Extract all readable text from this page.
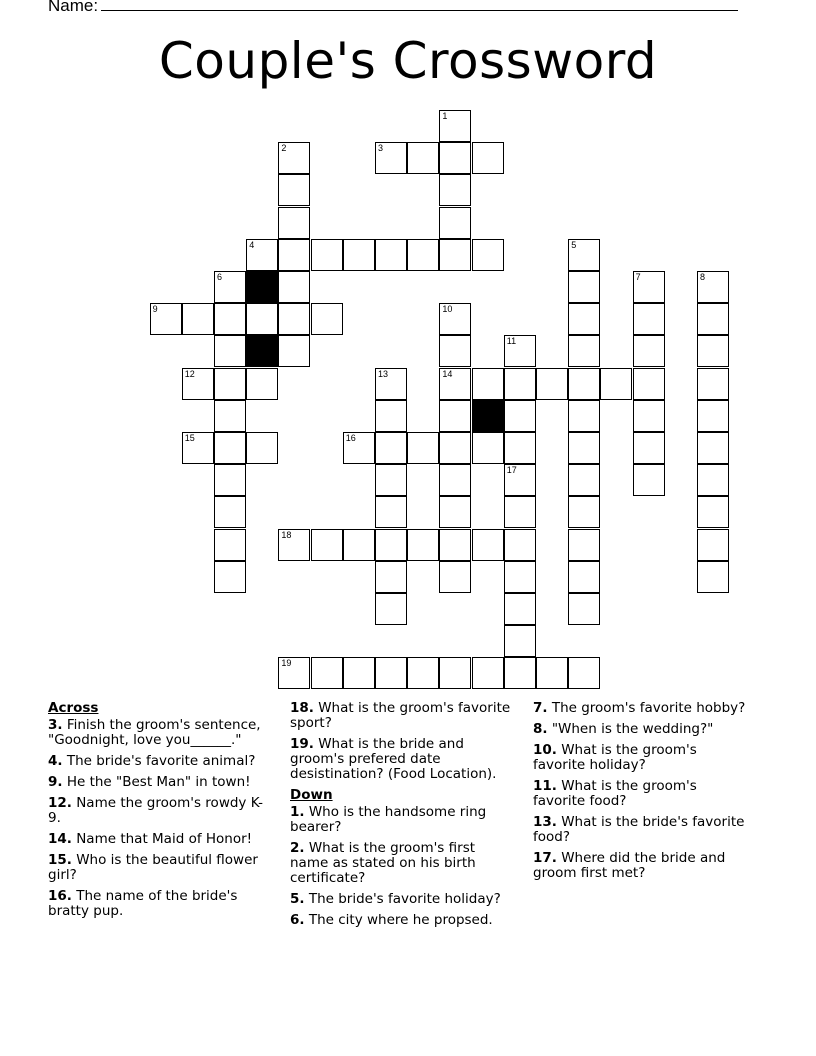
Name:
Couple's Crossword
1
2	3
4	5
6	7	8
9	10
11
12	13	14
15	16
17
18
19
Across
3. Finish the groom's sentence, "Goodnight, love you______."
4. The bride's favorite animal?
9. He the "Best Man" in town!
12. Name the groom's rowdy K-9.
14. Name that Maid of Honor!
15. Who is the beautiful flower girl?
16. The name of the bride's bratty pup.
18. What is the groom's favorite sport?
19. What is the bride and groom's prefered date desistination? (Food Location).
Down
1. Who is the handsome ring bearer?
2. What is the groom's first name as stated on his birth certificate?
5. The bride's favorite holiday?
6. The city where he propsed.
7. The groom's favorite hobby?
8. "When is the wedding?"
10. What is the groom's favorite holiday?
11. What is the groom's favorite food?
13. What is the bride's favorite food?
17. Where did the bride and groom first met?
